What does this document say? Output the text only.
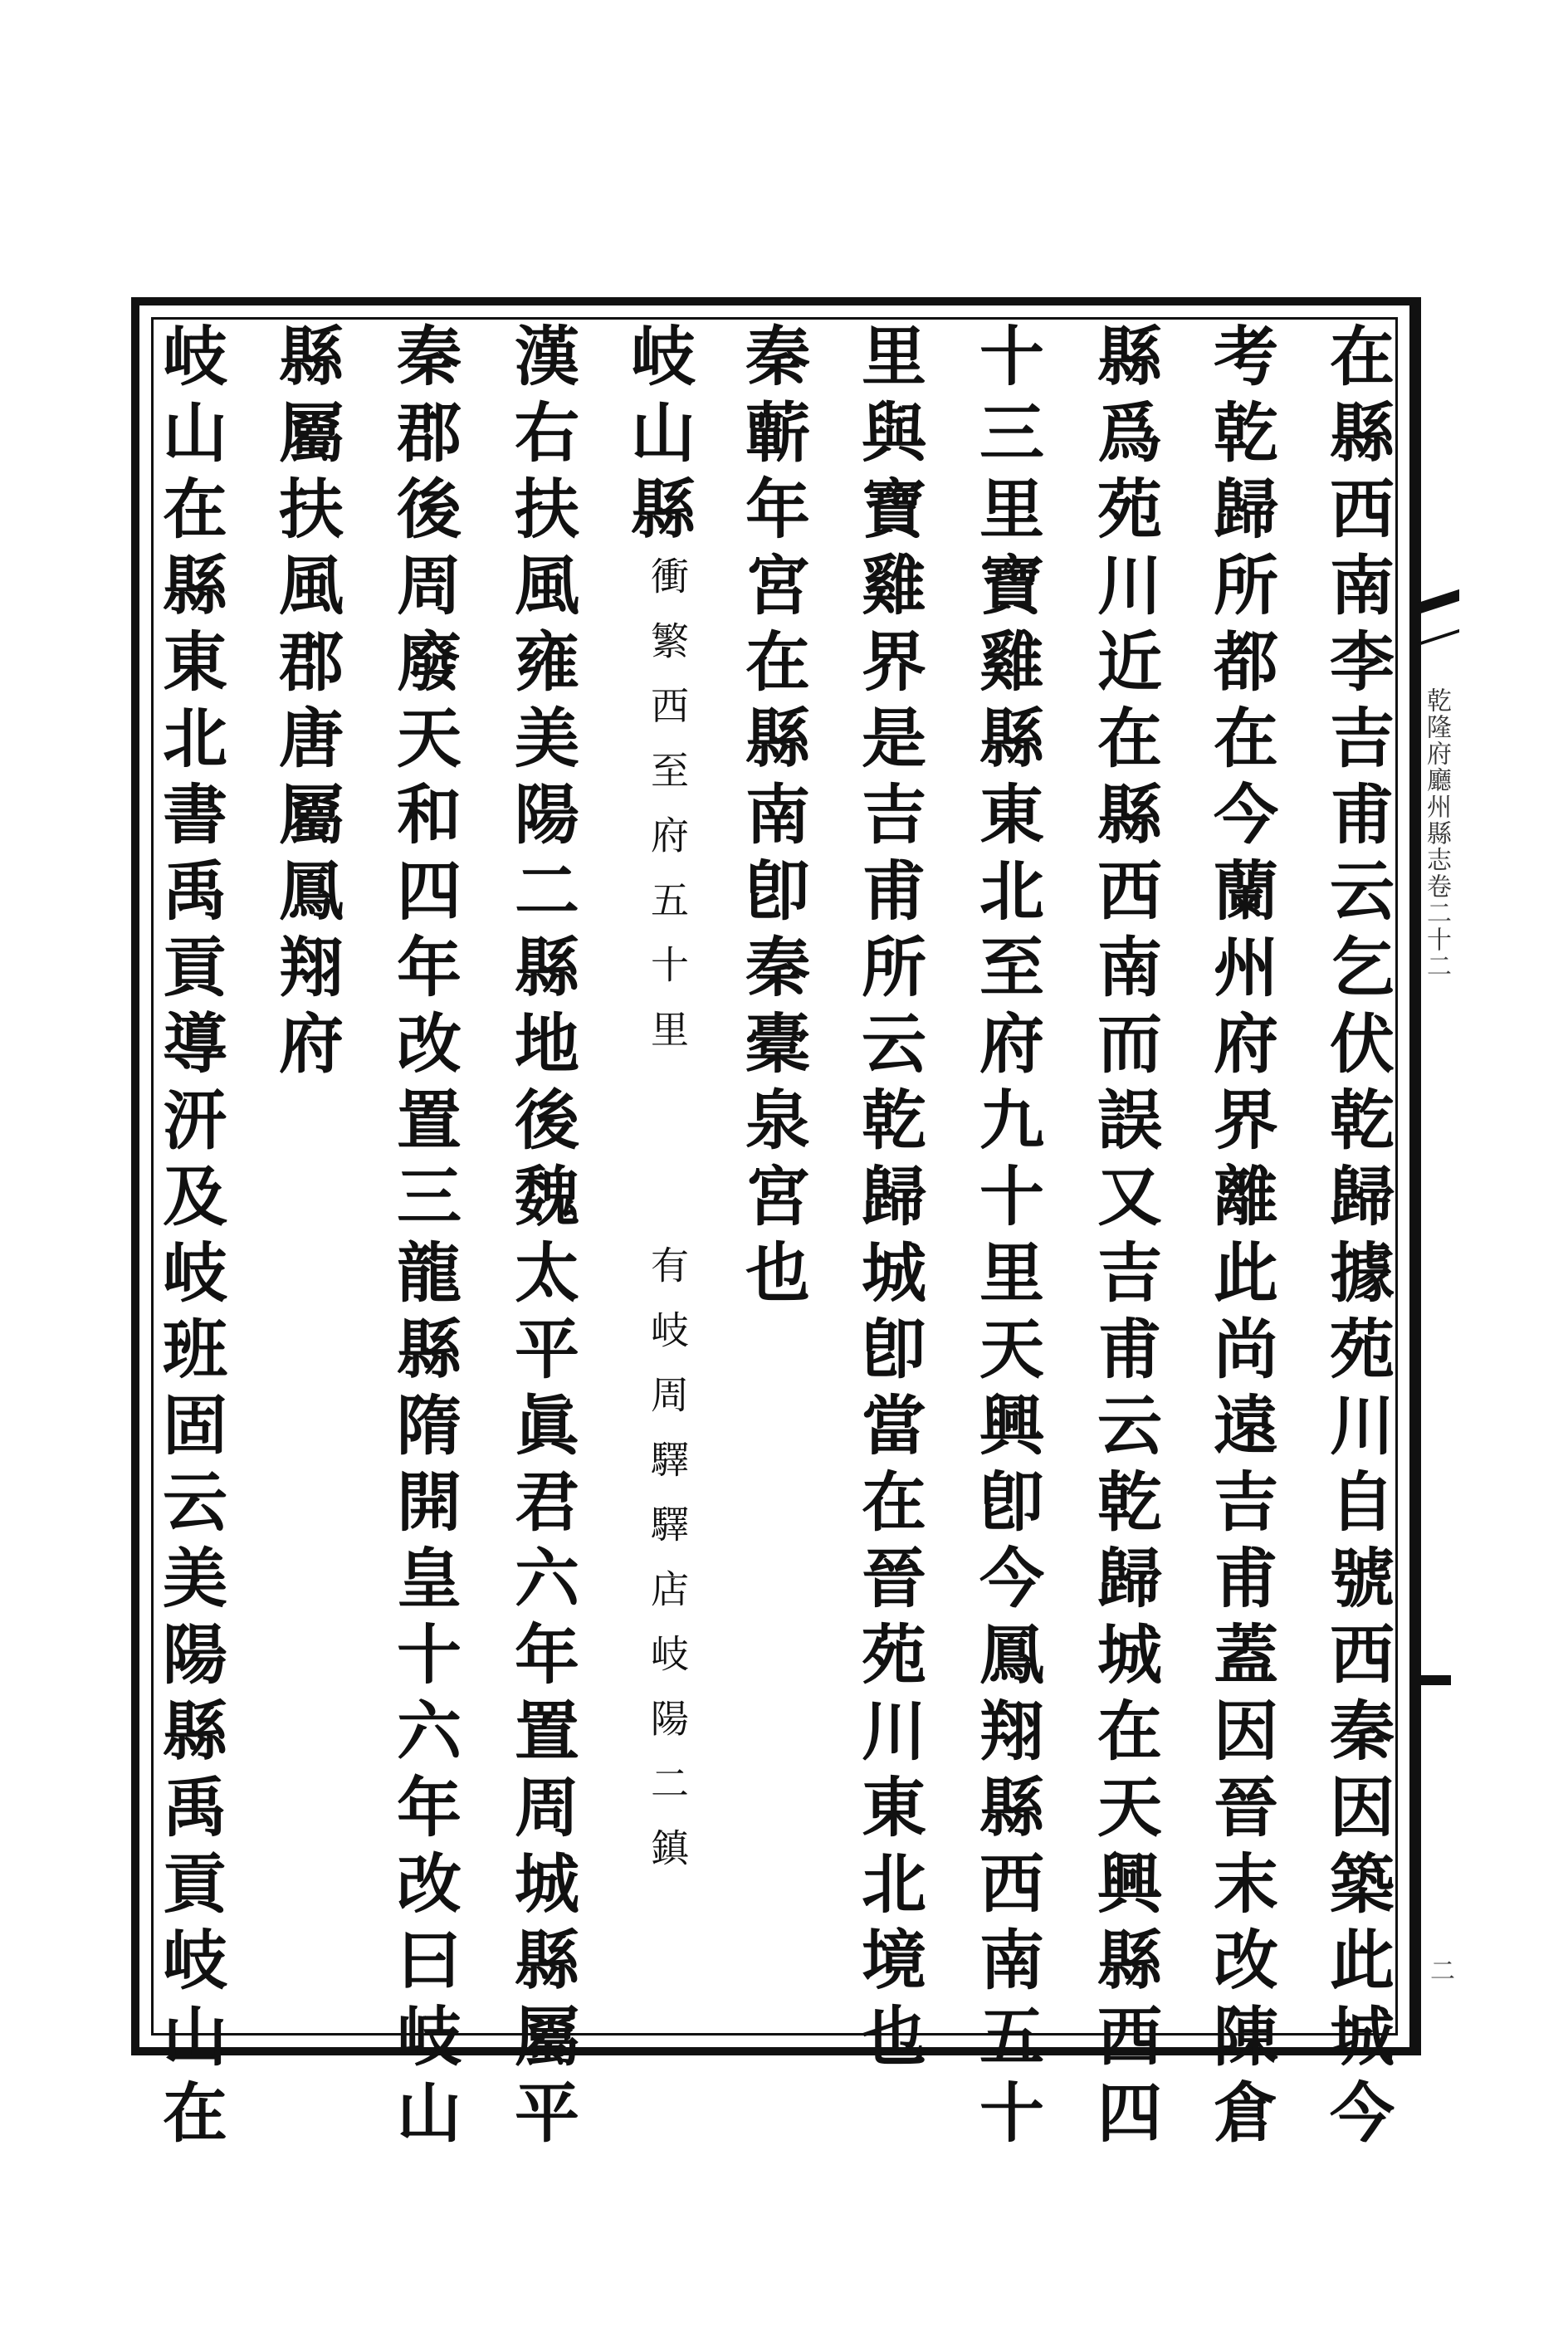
乾隆府廳州縣志卷二十二
二
在縣西南李吉甫云乞伏乾歸據苑川自號西秦因築此城今
考乾歸所都在今蘭州府界離此尚遠吉甫蓋因晉末改陳倉
縣爲苑川近在縣西南而誤又吉甫云乾歸城在天興縣西四
十三里寶雞縣東北至府九十里天興卽今鳳翔縣西南五十
里與寶雞界是吉甫所云乾歸城卽當在晉苑川東北境也
秦蘄年宮在縣南卽秦橐泉宮也
岐山縣
衝繁西至府五十里
有岐周驛驛店岐陽二鎮
漢右扶風雍美陽二縣地後魏太平眞君六年置周城縣屬平
秦郡後周廢天和四年改置三龍縣隋開皇十六年改曰岐山
縣屬扶風郡唐屬鳳翔府
岐山在縣東北書禹貢導汧及岐班固云美陽縣禹貢岐山在
